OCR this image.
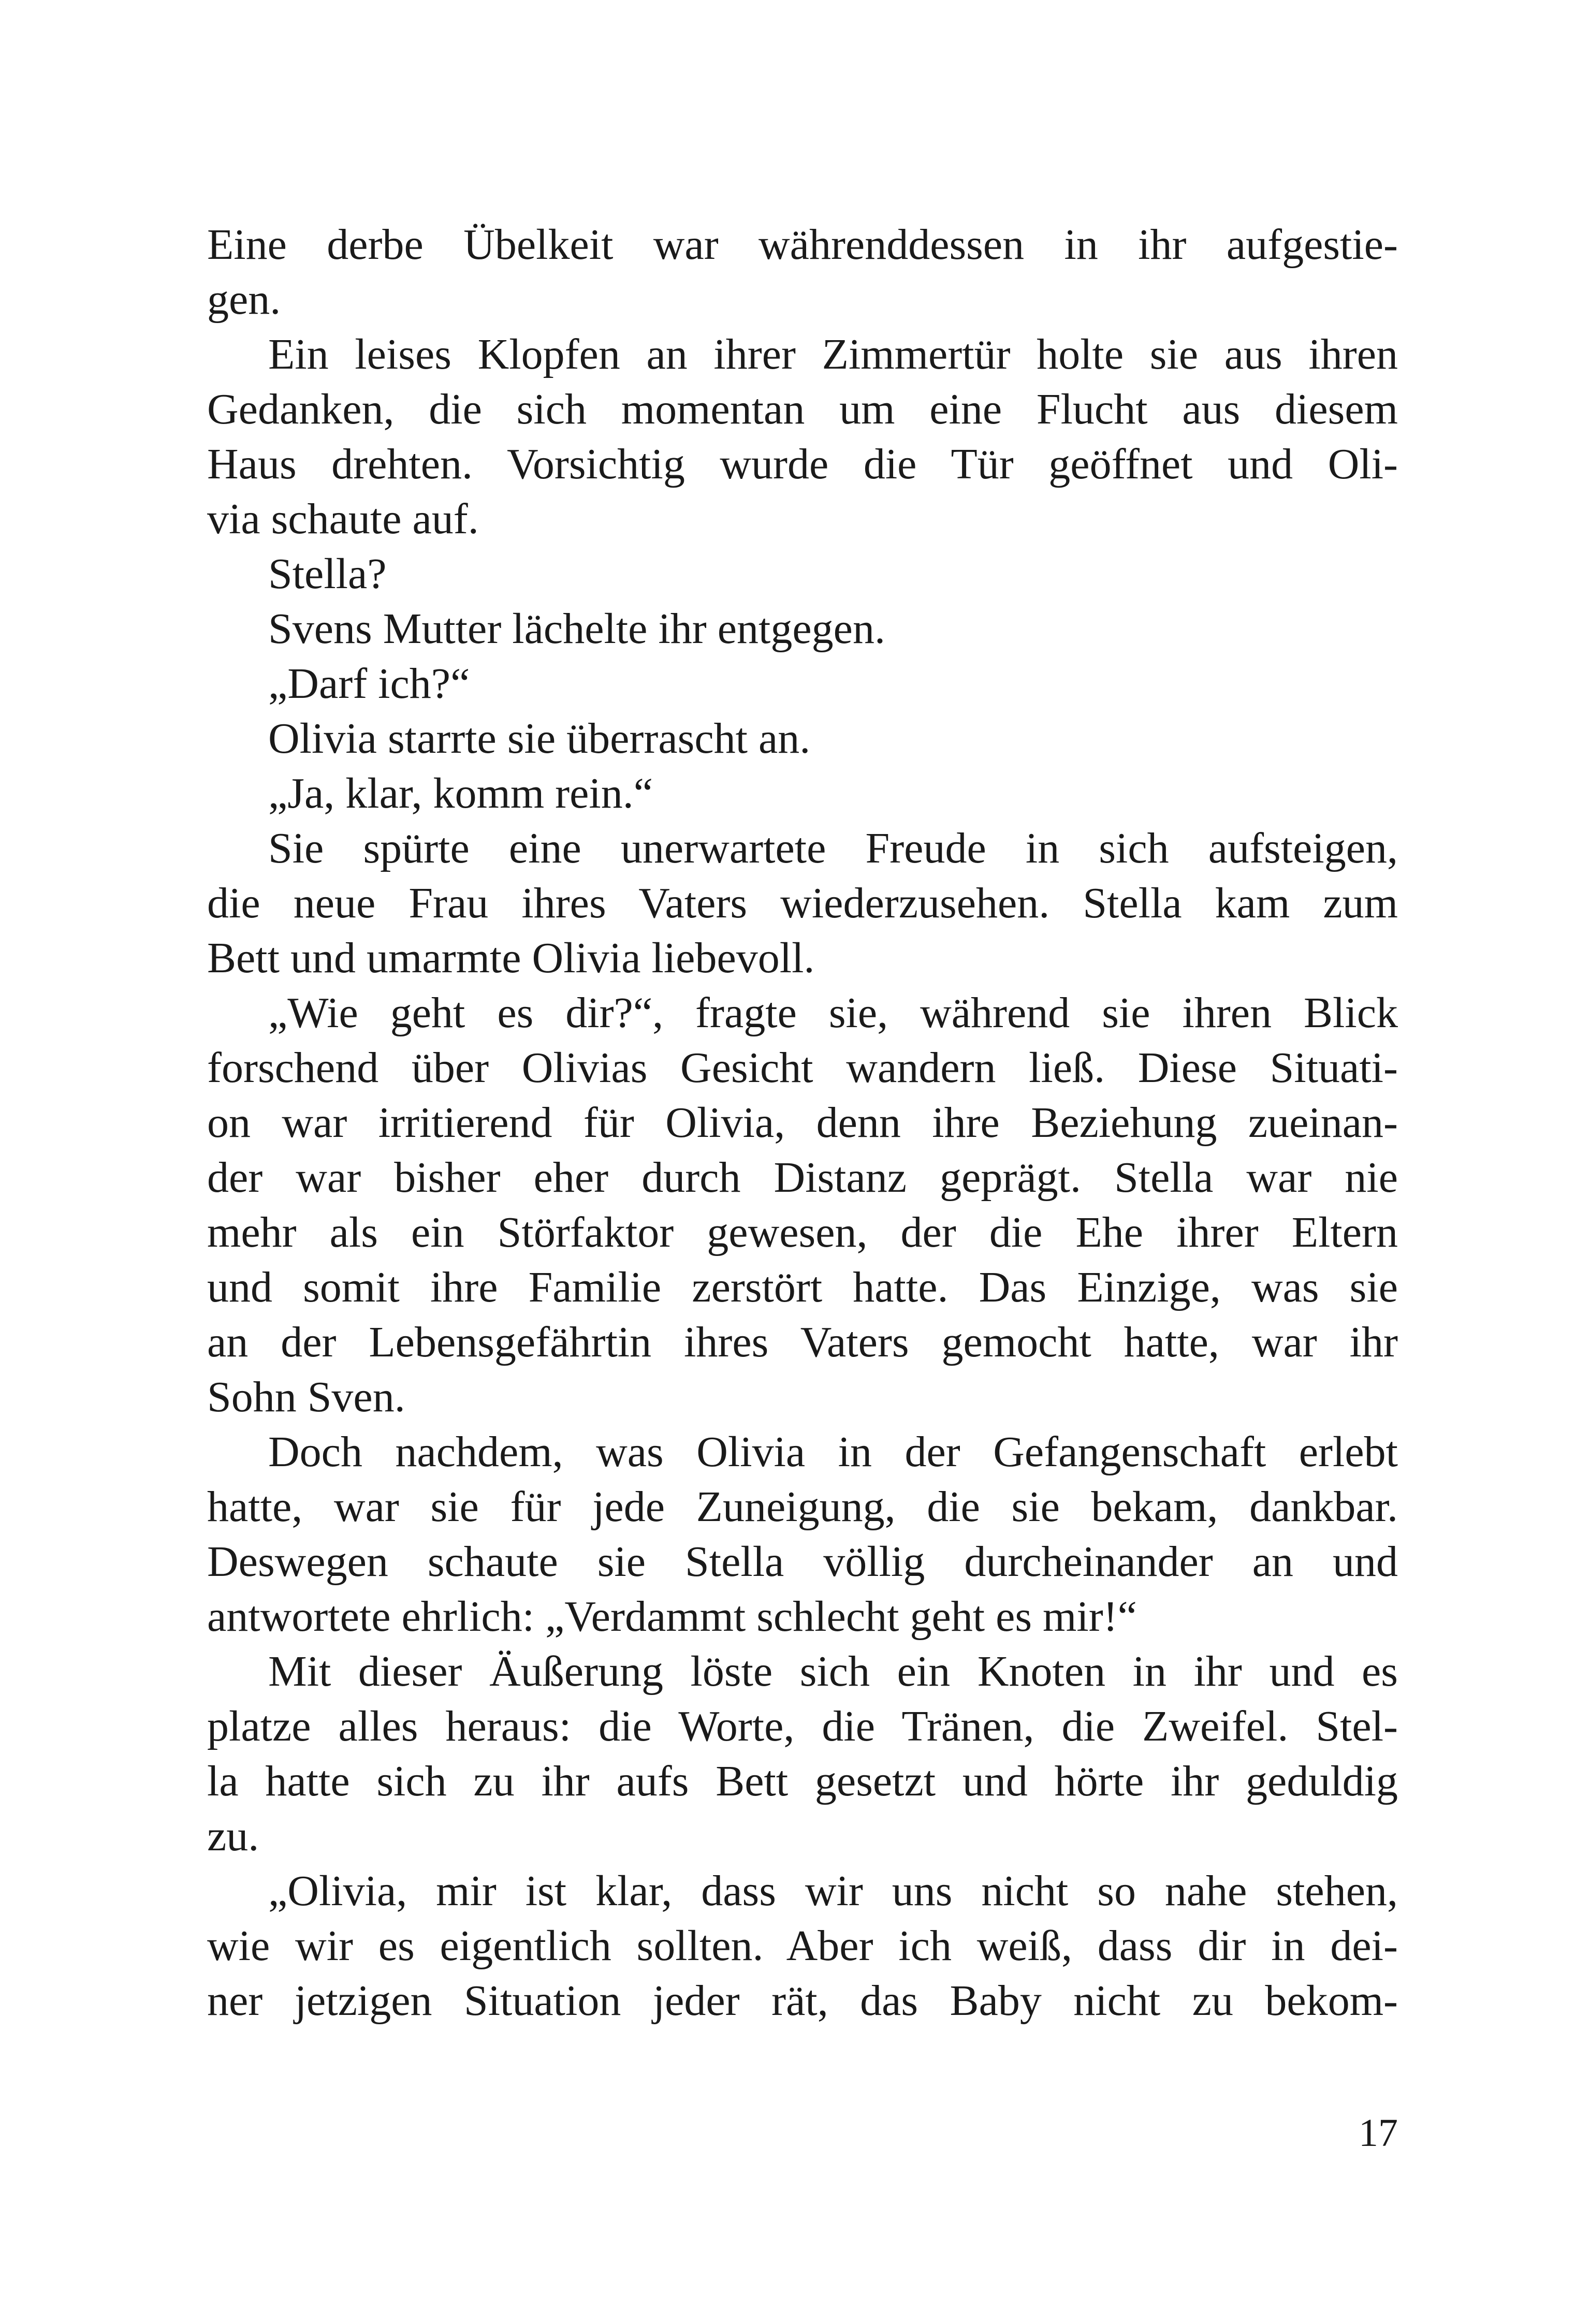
Eine derbe Übelkeit war währenddessen in ihr aufgestie-
gen.
Ein leises Klopfen an ihrer Zimmertür holte sie aus ihren
Gedanken, die sich momentan um eine Flucht aus diesem
Haus drehten. Vorsichtig wurde die Tür geöffnet und Oli-
via schaute auf.
Stella?
Svens Mutter lächelte ihr entgegen.
„Darf ich?“
Olivia starrte sie überrascht an.
„Ja, klar, komm rein.“
Sie spürte eine unerwartete Freude in sich aufsteigen,
die neue Frau ihres Vaters wiederzusehen. Stella kam zum
Bett und umarmte Olivia liebevoll.
„Wie geht es dir?“, fragte sie, während sie ihren Blick
forschend über Olivias Gesicht wandern ließ. Diese Situati-
on war irritierend für Olivia, denn ihre Beziehung zueinan-
der war bisher eher durch Distanz geprägt. Stella war nie
mehr als ein Störfaktor gewesen, der die Ehe ihrer Eltern
und somit ihre Familie zerstört hatte. Das Einzige, was sie
an der Lebensgefährtin ihres Vaters gemocht hatte, war ihr
Sohn Sven.
Doch nachdem, was Olivia in der Gefangenschaft erlebt
hatte, war sie für jede Zuneigung, die sie bekam, dankbar.
Deswegen schaute sie Stella völlig durcheinander an und
antwortete ehrlich: „Verdammt schlecht geht es mir!“
Mit dieser Äußerung löste sich ein Knoten in ihr und es
platze alles heraus: die Worte, die Tränen, die Zweifel. Stel-
la hatte sich zu ihr aufs Bett gesetzt und hörte ihr geduldig
zu.
„Olivia, mir ist klar, dass wir uns nicht so nahe stehen,
wie wir es eigentlich sollten. Aber ich weiß, dass dir in dei-
ner jetzigen Situation jeder rät, das Baby nicht zu bekom-
17
